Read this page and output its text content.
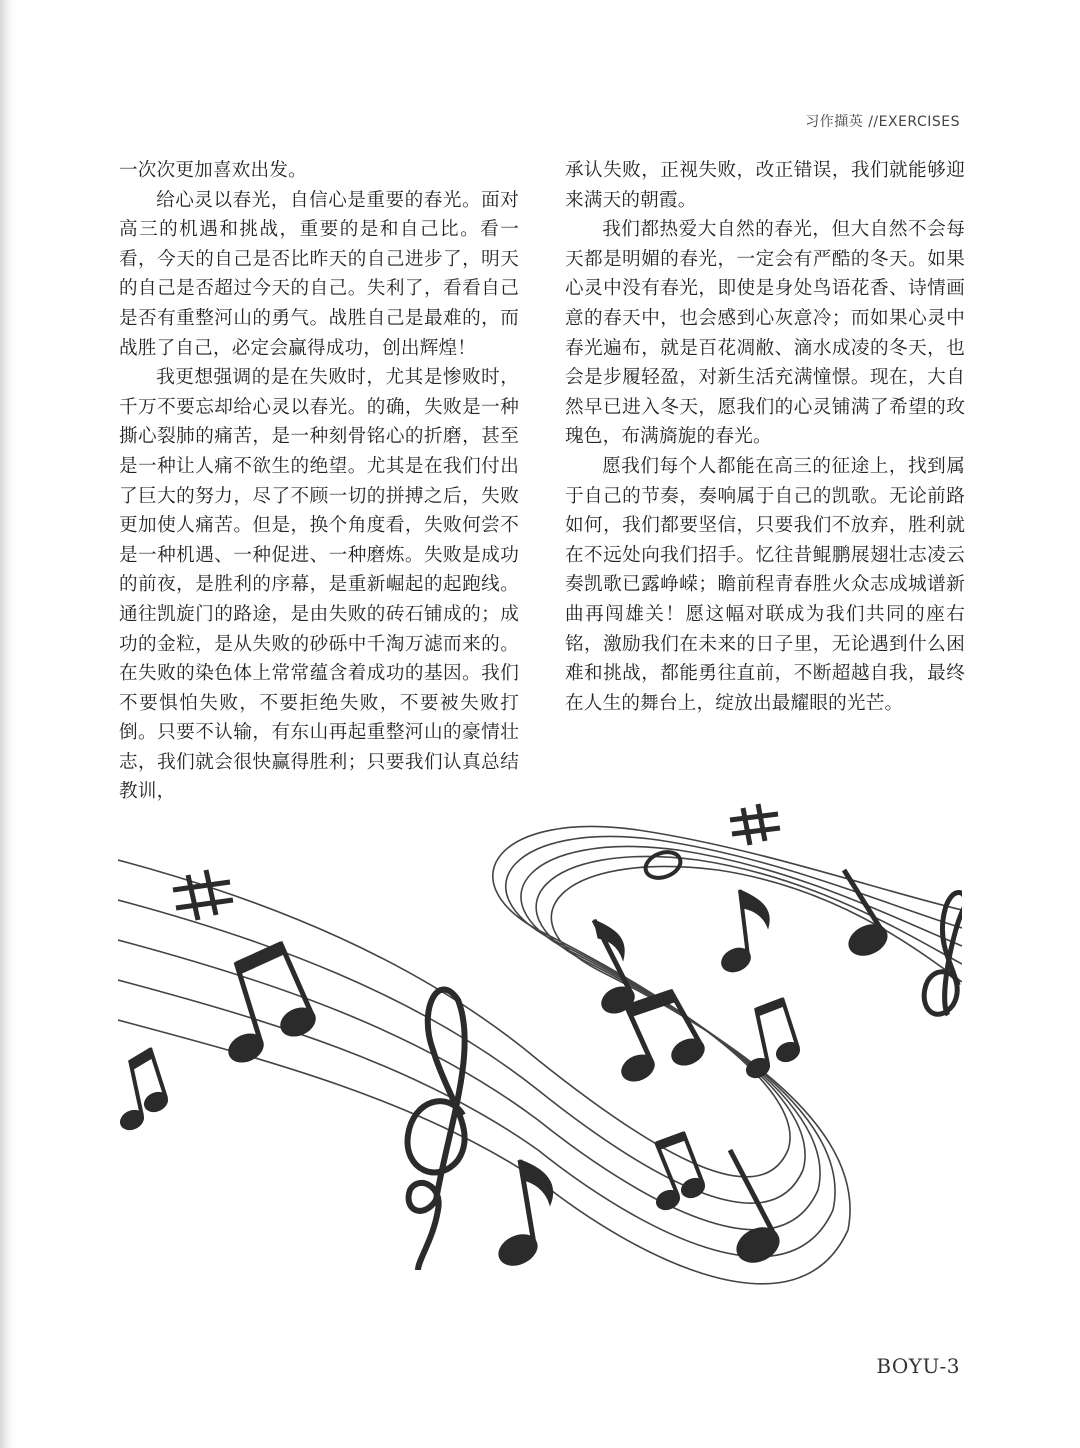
习作擷英 //EXERCISES

一次次更加喜欢出发。

给心灵以春光，自信心是重要的春光。面对高三的机遇和挑战，重要的是和自己比。看一看，今天的自己是否比昨天的自己进步了，明天的自己是否超过今天的自己。失利了，看看自己是否有重整河山的勇气。战胜自己是最难的，而战胜了自己，必定会赢得成功，创出辉煌！

我更想强调的是在失败时，尤其是惨败时，千万不要忘却给心灵以春光。的确，失败是一种撕心裂肺的痛苦，是一种刻骨铭心的折磨，甚至是一种让人痛不欲生的绝望。尤其是在我们付出了巨大的努力，尽了不顾一切的拼搏之后，失败更加使人痛苦。但是，换个角度看，失败何尝不是一种机遇、一种促进、一种磨炼。失败是成功的前夜，是胜利的序幕，是重新崛起的起跑线。通往凯旋门的路途，是由失败的砖石铺成的；成功的金粒，是从失败的砂砾中千淘万滤而来的。在失败的染色体上常常蕴含着成功的基因。我们不要惧怕失败，不要拒绝失败，不要被失败打倒。只要不认输，有东山再起重整河山的豪情壮志，我们就会很快赢得胜利；只要我们认真总结教训，

承认失败，正视失败，改正错误，我们就能够迎来满天的朝霞。

我们都热爱大自然的春光，但大自然不会每天都是明媚的春光，一定会有严酷的冬天。如果心灵中没有春光，即使是身处鸟语花香、诗情画意的春天中，也会感到心灰意冷；而如果心灵中春光遍布，就是百花凋敝、滴水成凌的冬天，也会是步履轻盈，对新生活充满憧憬。现在，大自然早已进入冬天，愿我们的心灵铺满了希望的玫瑰色，布满旖旎的春光。

愿我们每个人都能在高三的征途上，找到属于自己的节奏，奏响属于自己的凯歌。无论前路如何，我们都要坚信，只要我们不放弃，胜利就在不远处向我们招手。忆往昔鲲鹏展翅壮志凌云奏凯歌已露峥嵘；瞻前程青春胜火众志成城谱新曲再闯雄关！愿这幅对联成为我们共同的座右铭，激励我们在未来的日子里，无论遇到什么困难和挑战，都能勇往直前，不断超越自我，最终在人生的舞台上，绽放出最耀眼的光芒。

BOYU-3
